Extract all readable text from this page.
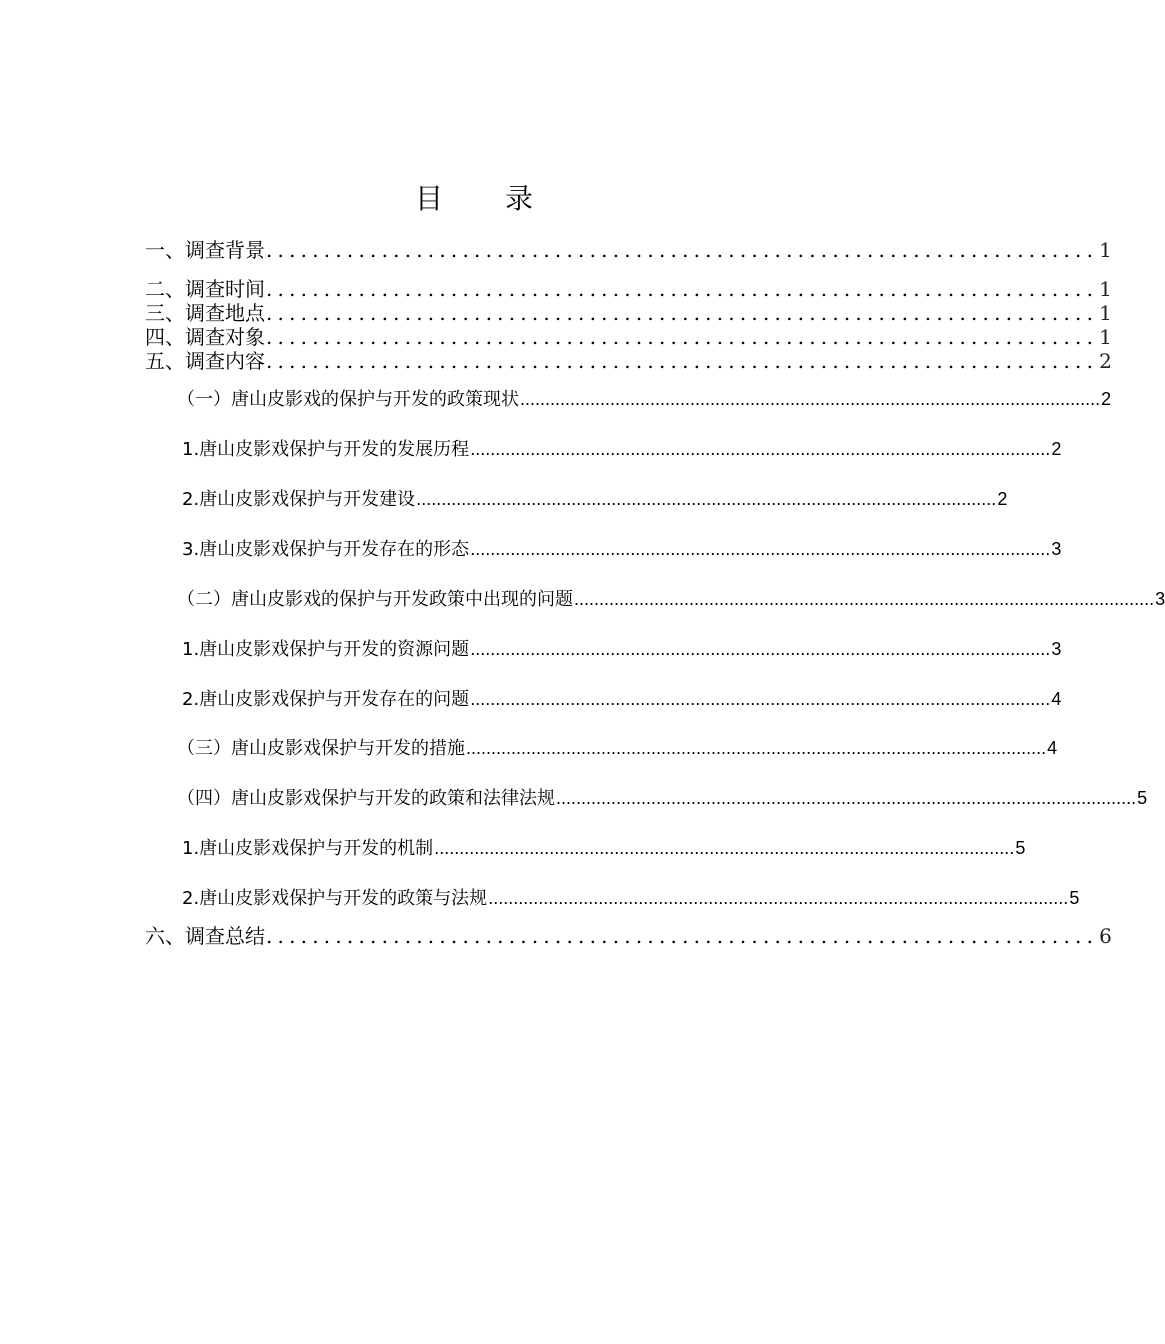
目　　录
一、调查背景 ........................................................................ 1
二、调查时间 ........................................................................ 1
三、调查地点 ........................................................................ 1
四、调查对象 ........................................................................ 1
五、调查内容 ........................................................................ 2
（一）唐山皮影戏的保护与开发的政策现状 .................................................................................................................... 2
1.唐山皮影戏保护与开发的发展历程 .................................................................................................................... 2
2.唐山皮影戏保护与开发建设 .................................................................................................................... 2
3.唐山皮影戏保护与开发存在的形态 .................................................................................................................... 3
（二）唐山皮影戏的保护与开发政策中出现的问题 .................................................................................................................... 3
1.唐山皮影戏保护与开发的资源问题 .................................................................................................................... 3
2.唐山皮影戏保护与开发存在的问题 .................................................................................................................... 4
（三）唐山皮影戏保护与开发的措施 .................................................................................................................... 4
（四）唐山皮影戏保护与开发的政策和法律法规 .................................................................................................................... 5
1.唐山皮影戏保护与开发的机制 .................................................................................................................... 5
2.唐山皮影戏保护与开发的政策与法规 .................................................................................................................... 5
六、调查总结 ........................................................................ 6
